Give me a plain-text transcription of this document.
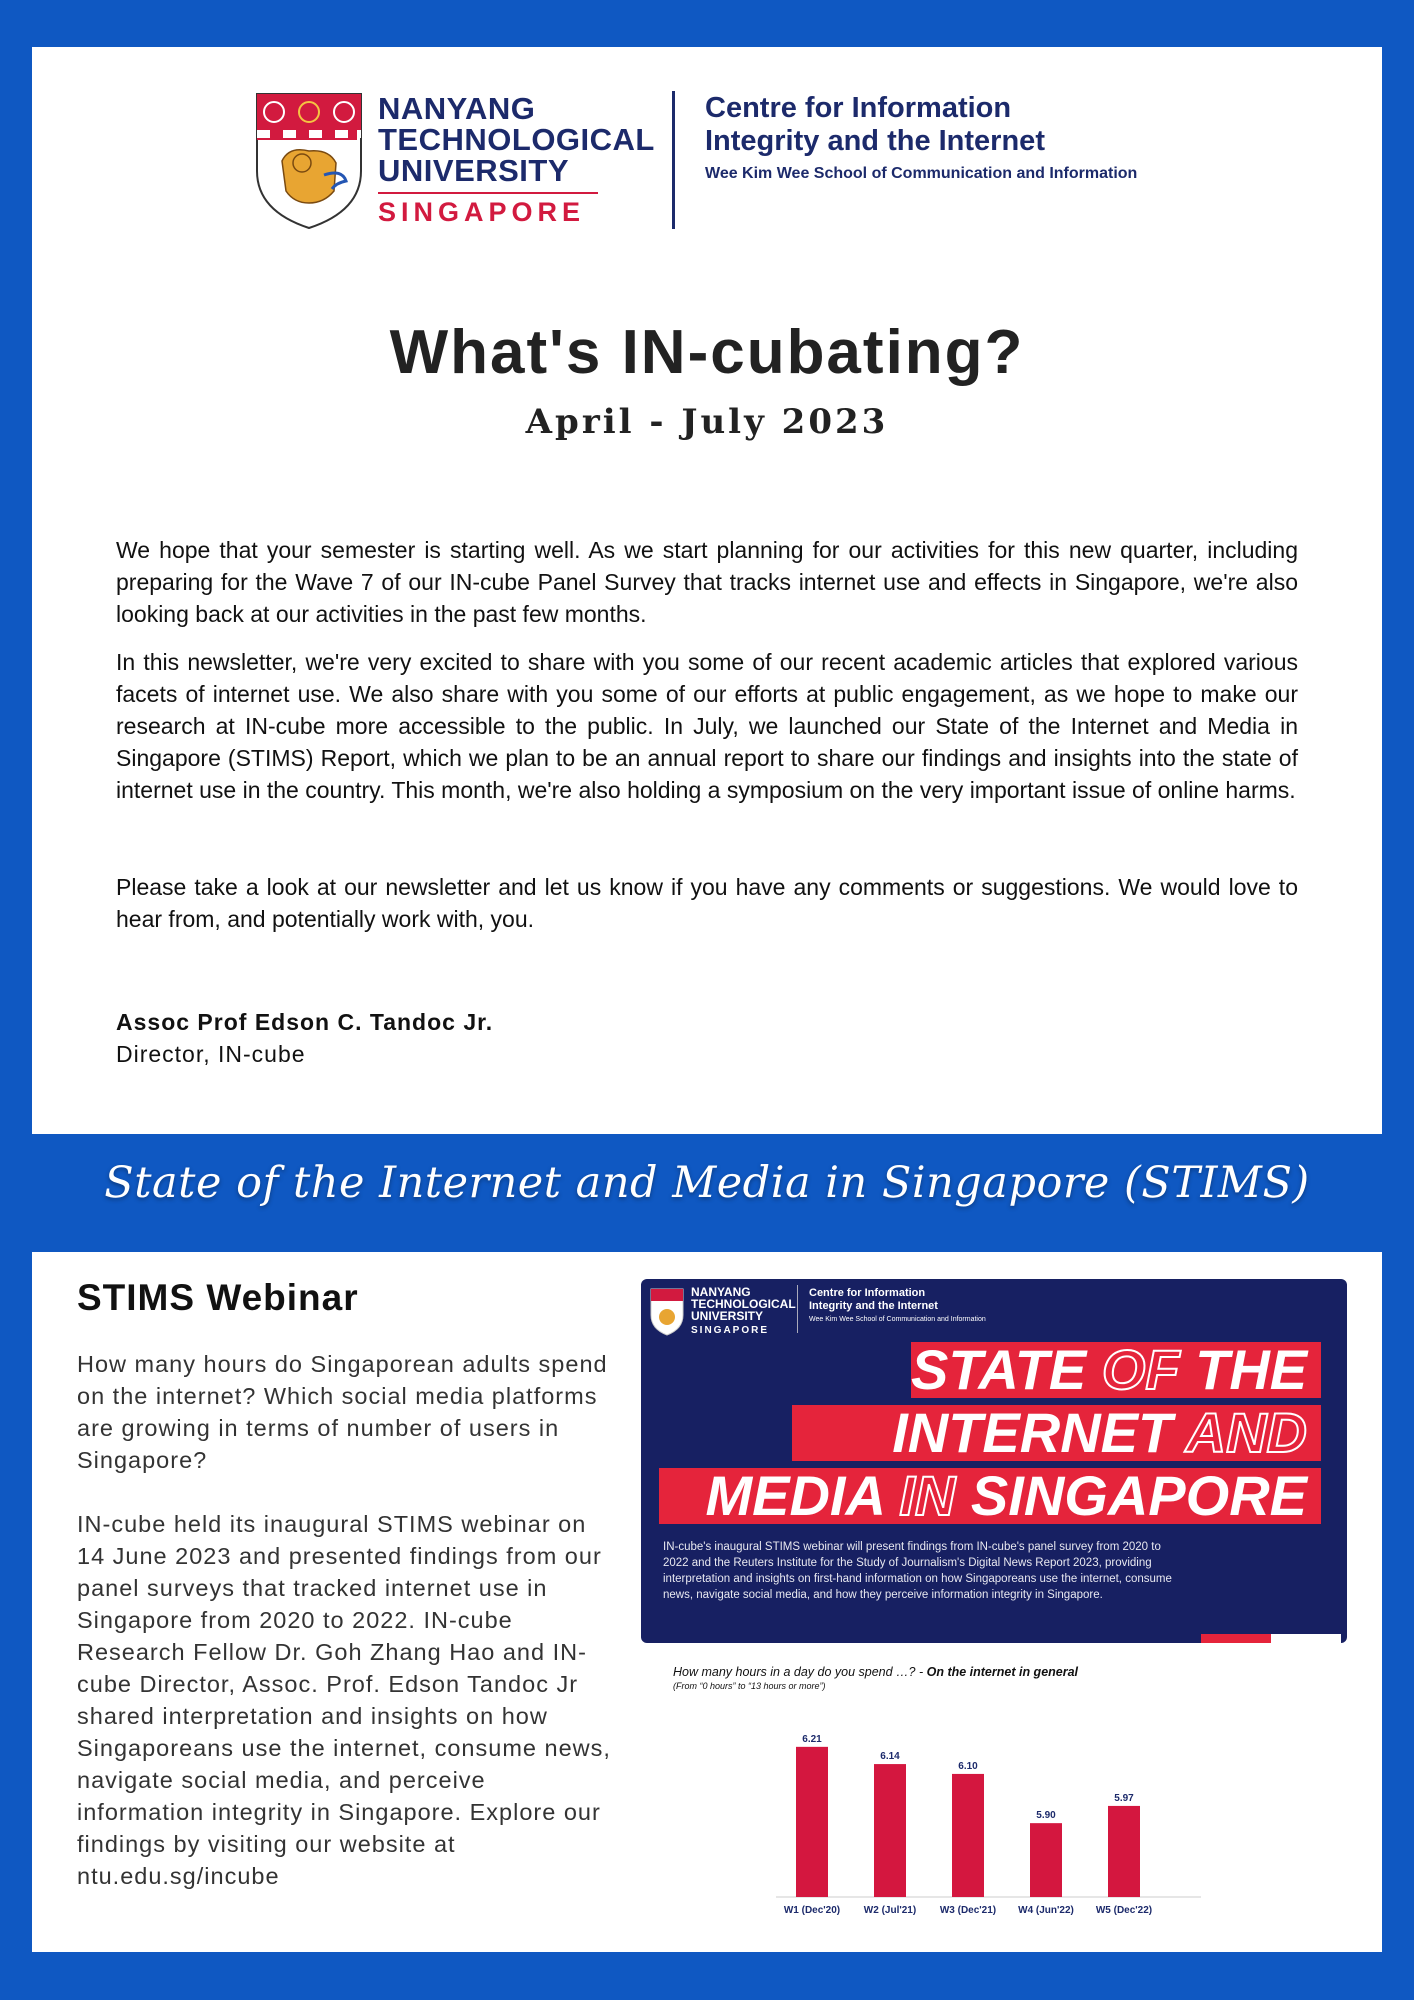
NANYANG
TECHNOLOGICAL
UNIVERSITY
SINGAPORE
Centre for Information
Integrity and the Internet
Wee Kim Wee School of Communication and Information
What's IN-cubating?
April - July 2023
We hope that your semester is starting well. As we start planning for our activities for this new quarter, including preparing for the Wave 7 of our IN-cube Panel Survey that tracks internet use and effects in Singapore, we're also looking back at our activities in the past few months.
In this newsletter, we're very excited to share with you some of our recent academic articles that explored various facets of internet use. We also share with you some of our efforts at public engagement, as we hope to make our research at IN-cube more accessible to the public. In July, we launched our State of the Internet and Media in Singapore (STIMS) Report, which we plan to be an annual report to share our findings and insights into the state of internet use in the country. This month, we're also holding a symposium on the very important issue of online harms.
Please take a look at our newsletter and let us know if you have any comments or suggestions. We would love to hear from, and potentially work with, you.
Assoc Prof Edson C. Tandoc Jr.
Director, IN-cube
State of the Internet and Media in Singapore (STIMS)
STIMS Webinar

How many hours do Singaporean adults spend on the internet? Which social media platforms are growing in terms of number of users in Singapore?

IN-cube held its inaugural STIMS webinar on 14 June 2023 and presented findings from our panel surveys that tracked internet use in Singapore from 2020 to 2022. IN-cube Research Fellow Dr. Goh Zhang Hao and IN-cube Director, Assoc. Prof. Edson Tandoc Jr shared interpretation and insights on how Singaporeans use the internet, consume news, navigate social media, and perceive information integrity in Singapore. Explore our findings by visiting our website at ntu.edu.sg/incube

NANYANG
TECHNOLOGICAL
UNIVERSITY
SINGAPORE
Centre for Information
Integrity and the Internet
Wee Kim Wee School of Communication and Information
STATE OF THE
INTERNET AND
MEDIA IN SINGAPORE
IN-cube's inaugural STIMS webinar will present findings from IN-cube's panel survey from 2020 to 2022 and the Reuters Institute for the Study of Journalism's Digital News Report 2023, providing interpretation and insights on first-hand information on how Singaporeans use the internet, consume news, navigate social media, and how they perceive information integrity in Singapore.
How many hours in a day do you spend …? - On the internet in general
(From “0 hours” to “13 hours or more”)
6.21
W1 (Dec'20)
6.14
W2 (Jul'21)
6.10
W3 (Dec'21)
5.90
W4 (Jun'22)
5.97
W5 (Dec'22)
